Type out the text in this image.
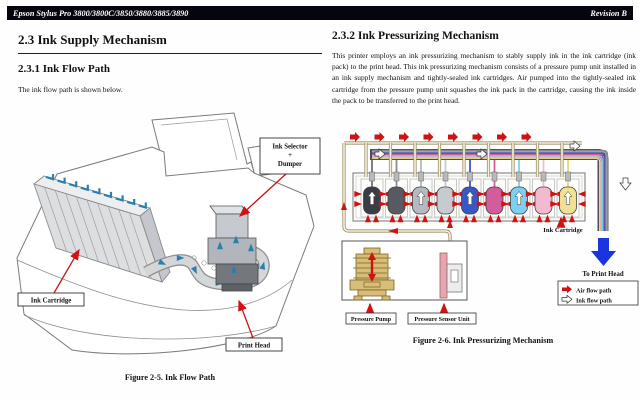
Epson Stylus Pro 3800/3800C/3850/3880/3885/3890	Revision B
2.3 Ink Supply Mechanism
2.3.1 Ink Flow Path
The ink flow path is shown below.
2.3.2 Ink Pressurizing Mechanism
This printer employs an ink pressurizing mechanism to stably supply ink in the ink cartridge (ink pack) to the print head. This ink pressurizing mechanism consists of a pressure pump unit installed in an ink supply mechanism and tightly-sealed ink cartridges. Air pumped into the tightly-sealed ink cartridge from the pressure pump unit squashes the ink pack in the cartridge, causing the ink inside the pack to be transferred to the print head.
Ink Selector
+
Dumper
Ink Cartridge
Print Head
Figure 2-5. Ink Flow Path
Ink Cartridge
Pressure Pump	Pressure Sensor Unit
To Print Head
Air flow path
Ink flow path
Figure 2-6. Ink Pressurizing Mechanism
